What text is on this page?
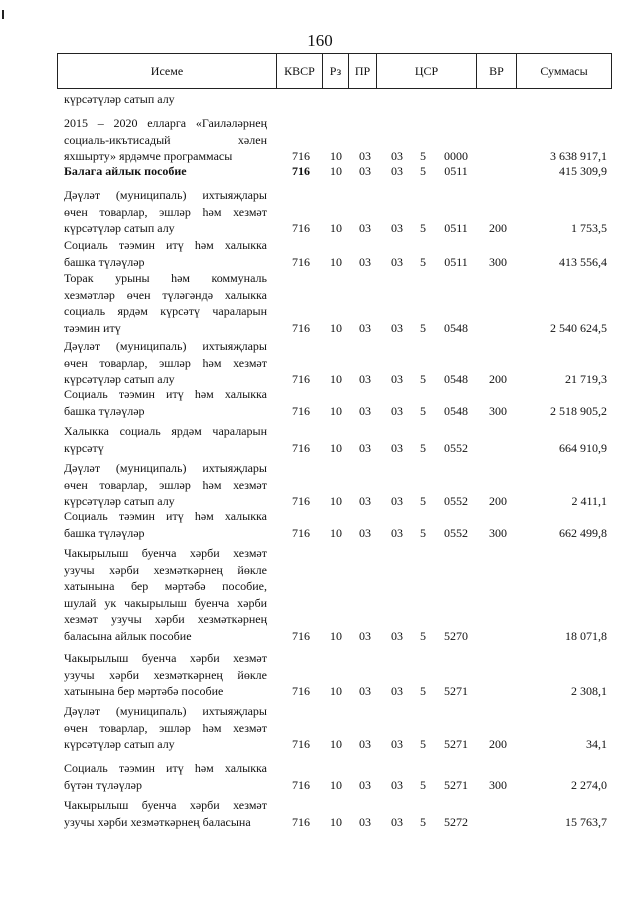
160
Исеме	КВСР	Рз	ПР	ЦСР	ВР	Суммасы
күрсәтүләр сатып алу
2015 – 2020 елларга «Гаиләләрнең
социаль-икътисадый хәлен
яхшырту» ярдәмче программасы	716	10	03	03	5	0000	3 638 917,1
Балага айлык пособие	716	10	03	03	5	0511	415 309,9
Дәүләт (муниципаль) ихтыяҗлары
өчен товарлар, эшләр һәм хезмәт
күрсәтүләр сатып алу	716	10	03	03	5	0511	200	1 753,5
Социаль тәэмин итү һәм халыкка
башка түләүләр	716	10	03	03	5	0511	300	413 556,4
Торак урыны һәм коммуналь
хезмәтләр өчен түләгәндә халыкка
социаль ярдәм күрсәтү чараларын
тәэмин итү	716	10	03	03	5	0548	2 540 624,5
Дәүләт (муниципаль) ихтыяҗлары
өчен товарлар, эшләр һәм хезмәт
күрсәтүләр сатып алу	716	10	03	03	5	0548	200	21 719,3
Социаль тәэмин итү һәм халыкка
башка түләүләр	716	10	03	03	5	0548	300	2 518 905,2
Халыкка социаль ярдәм чараларын
күрсәтү	716	10	03	03	5	0552	664 910,9
Дәүләт (муниципаль) ихтыяҗлары
өчен товарлар, эшләр һәм хезмәт
күрсәтүләр сатып алу	716	10	03	03	5	0552	200	2 411,1
Социаль тәэмин итү һәм халыкка
башка түләүләр	716	10	03	03	5	0552	300	662 499,8
Чакырылыш буенча хәрби хезмәт
узучы хәрби хезмәткәрнең йөкле
хатынына бер мәртәбә пособие,
шулай ук чакырылыш буенча хәрби
хезмәт узучы хәрби хезмәткәрнең
баласына айлык пособие	716	10	03	03	5	5270	18 071,8
Чакырылыш буенча хәрби хезмәт
узучы хәрби хезмәткәрнең йөкле
хатынына бер мәртәбә пособие	716	10	03	03	5	5271	2 308,1
Дәүләт (муниципаль) ихтыяҗлары
өчен товарлар, эшләр һәм хезмәт
күрсәтүләр сатып алу	716	10	03	03	5	5271	200	34,1
Социаль тәэмин итү һәм халыкка
бүтән түләүләр	716	10	03	03	5	5271	300	2 274,0
Чакырылыш буенча хәрби хезмәт
узучы хәрби хезмәткәрнең баласына	716	10	03	03	5	5272	15 763,7
